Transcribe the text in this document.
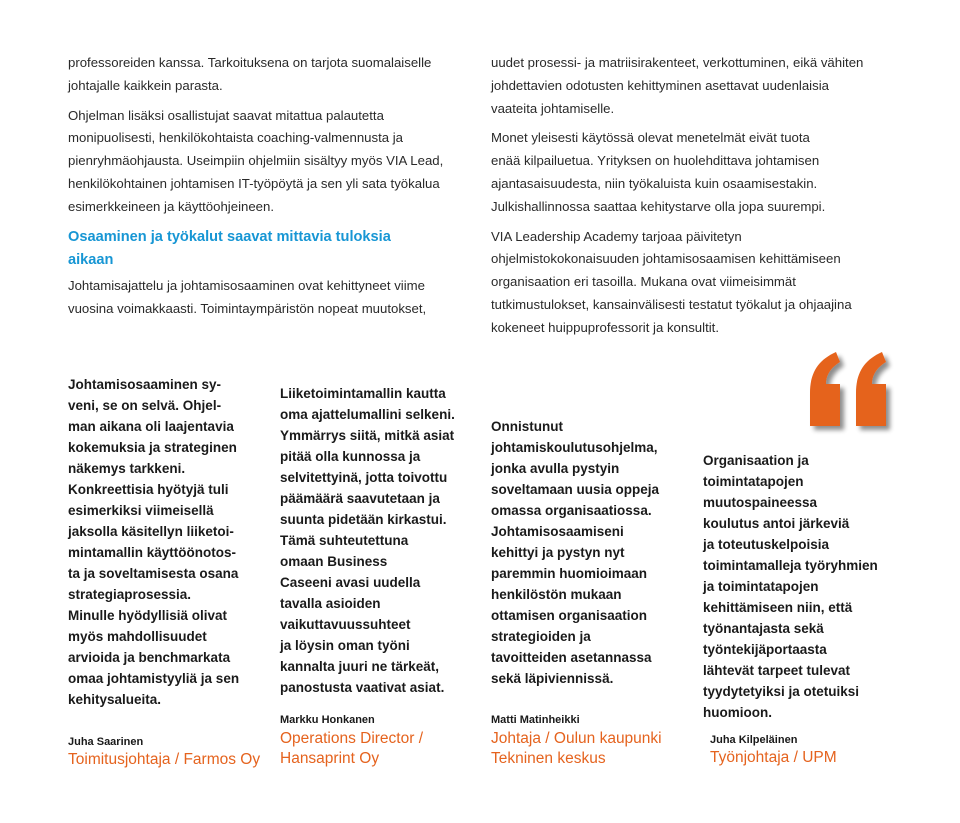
professoreiden kanssa. Tarkoituksena on tarjota suomalaiselle

johtajalle kaikkein parasta.

Ohjelman lisäksi osallistujat saavat mitattua palautetta

monipuolisesti, henkilökohtaista coaching-valmennusta ja

pienryhmäohjausta. Useimpiin ohjelmiin sisältyy myös VIA Lead,

henkilökohtainen johtamisen IT-työpöytä ja sen yli sata työkalua

esimerkkeineen ja käyttöohjeineen.

Osaaminen ja työkalut saavat mittavia tuloksia
aikaan

Johtamisajattelu ja johtamisosaaminen ovat kehittyneet viime

vuosina voimakkaasti. Toimintaympäristön nopeat muutokset,

uudet prosessi- ja matriisirakenteet, verkottuminen, eikä vähiten

johdettavien odotusten kehittyminen asettavat uudenlaisia

vaateita johtamiselle.

Monet yleisesti käytössä olevat menetelmät eivät tuota

enää kilpailuetua. Yrityksen on huolehdittava johtamisen

ajantasaisuudesta, niin työkaluista kuin osaamisestakin.

Julkishallinnossa saattaa kehitystarve olla jopa suurempi.

VIA Leadership Academy tarjoaa päivitetyn

ohjelmistokokonaisuuden johtamisosaamisen kehittämiseen

organisaation eri tasoilla. Mukana ovat viimeisimmät

tutkimustulokset, kansainvälisesti testatut työkalut ja ohjaajina

kokeneet huippuprofessorit ja konsultit.

Johtamisosaaminen sy-
veni, se on selvä. Ohjel-
man aikana oli laajentavia
kokemuksia ja strateginen
näkemys tarkkeni.
Konkreettisia hyötyjä tuli
esimerkiksi viimeisellä
jaksolla käsitellyn liiketoi-
mintamallin käyttöönotos-
ta ja soveltamisesta osana
strategiaprosessia.
Minulle hyödyllisiä olivat
myös mahdollisuudet
arvioida ja benchmarkata
omaa johtamistyyliä ja sen
kehitysalueita.
Juha Saarinen
Toimitusjohtaja / Farmos Oy
Liiketoimintamallin kautta
oma ajattelumallini selkeni.
Ymmärrys siitä, mitkä asiat
pitää olla kunnossa ja
selvitettyinä, jotta toivottu
päämäärä saavutetaan ja
suunta pidetään kirkastui.
Tämä suhteutettuna
omaan Business
Caseeni avasi uudella
tavalla asioiden
vaikuttavuussuhteet
ja löysin oman työni
kannalta juuri ne tärkeät,
panostusta vaativat asiat.
Markku Honkanen
Operations Director /
Hansaprint Oy
Onnistunut
johtamiskoulutusohjelma,
jonka avulla pystyin
soveltamaan uusia oppeja
omassa organisaatiossa.
Johtamisosaamiseni
kehittyi ja pystyn nyt
paremmin huomioimaan
henkilöstön mukaan
ottamisen organisaation
strategioiden ja
tavoitteiden asetannassa
sekä läpiviennissä.
Matti Matinheikki
Johtaja / Oulun kaupunki
Tekninen keskus
Organisaation ja
toimintatapojen
muutospaineessa
koulutus antoi järkeviä
ja toteutuskelpoisia
toimintamalleja työryhmien
ja toimintatapojen
kehittämiseen niin, että
työnantajasta sekä
työntekijäportaasta
lähtevät tarpeet tulevat
tyydytetyiksi ja otetuiksi
huomioon.
Juha Kilpeläinen
Työnjohtaja / UPM
